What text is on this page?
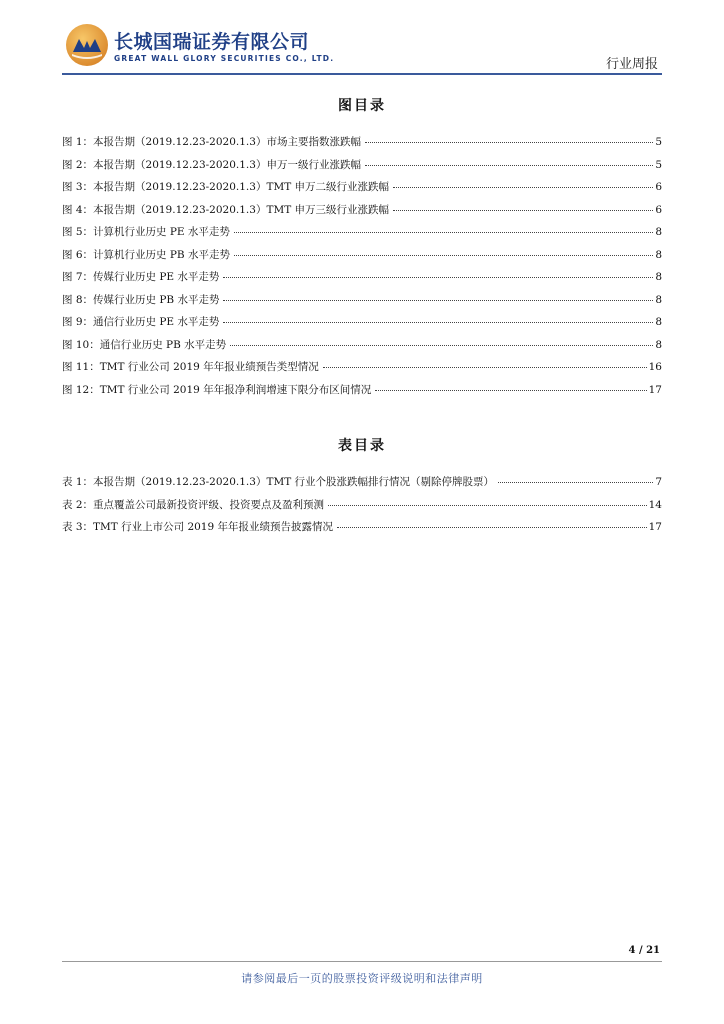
长城国瑞证券有限公司
GREAT WALL GLORY SECURITIES CO., LTD.	行业周报
图目录
图 1：本报告期（2019.12.23-2020.1.3）市场主要指数涨跌幅	5
图 2：本报告期（2019.12.23-2020.1.3）申万一级行业涨跌幅	5
图 3：本报告期（2019.12.23-2020.1.3）TMT 申万二级行业涨跌幅	6
图 4：本报告期（2019.12.23-2020.1.3）TMT 申万三级行业涨跌幅	6
图 5：计算机行业历史 PE 水平走势	8
图 6：计算机行业历史 PB 水平走势	8
图 7：传媒行业历史 PE 水平走势	8
图 8：传媒行业历史 PB 水平走势	8
图 9：通信行业历史 PE 水平走势	8
图 10：通信行业历史 PB 水平走势	8
图 11：TMT 行业公司 2019 年年报业绩预告类型情况	16
图 12：TMT 行业公司 2019 年年报净利润增速下限分布区间情况	17
表目录
表 1：本报告期（2019.12.23-2020.1.3）TMT 行业个股涨跌幅排行情况（剔除停牌股票）	7
表 2：重点覆盖公司最新投资评级、投资要点及盈利预测	14
表 3：TMT 行业上市公司 2019 年年报业绩预告披露情况	17
4 / 21
请参阅最后一页的股票投资评级说明和法律声明
